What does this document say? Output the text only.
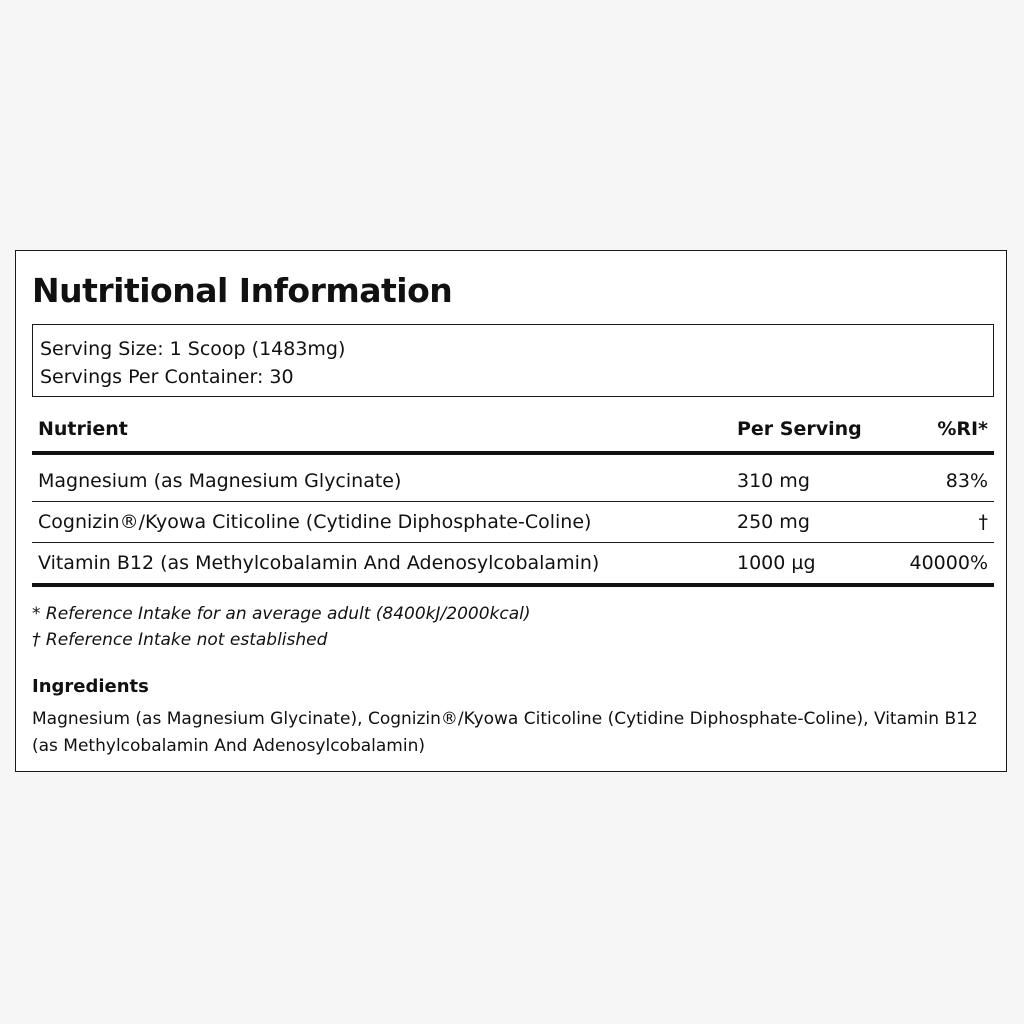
Nutritional Information
Serving Size: 1 Scoop (1483mg)
Servings Per Container: 30
Nutrient	Per Serving	%RI*
Magnesium (as Magnesium Glycinate)	310 mg	83%
Cognizin®/Kyowa Citicoline (Cytidine Diphosphate-Coline)	250 mg	†
Vitamin B12 (as Methylcobalamin And Adenosylcobalamin)	1000 µg	40000%
* Reference Intake for an average adult (8400kJ/2000kcal)
† Reference Intake not established
Ingredients

Magnesium (as Magnesium Glycinate), Cognizin®/Kyowa Citicoline (Cytidine Diphosphate-Coline), Vitamin B12 (as Methylcobalamin And Adenosylcobalamin)
